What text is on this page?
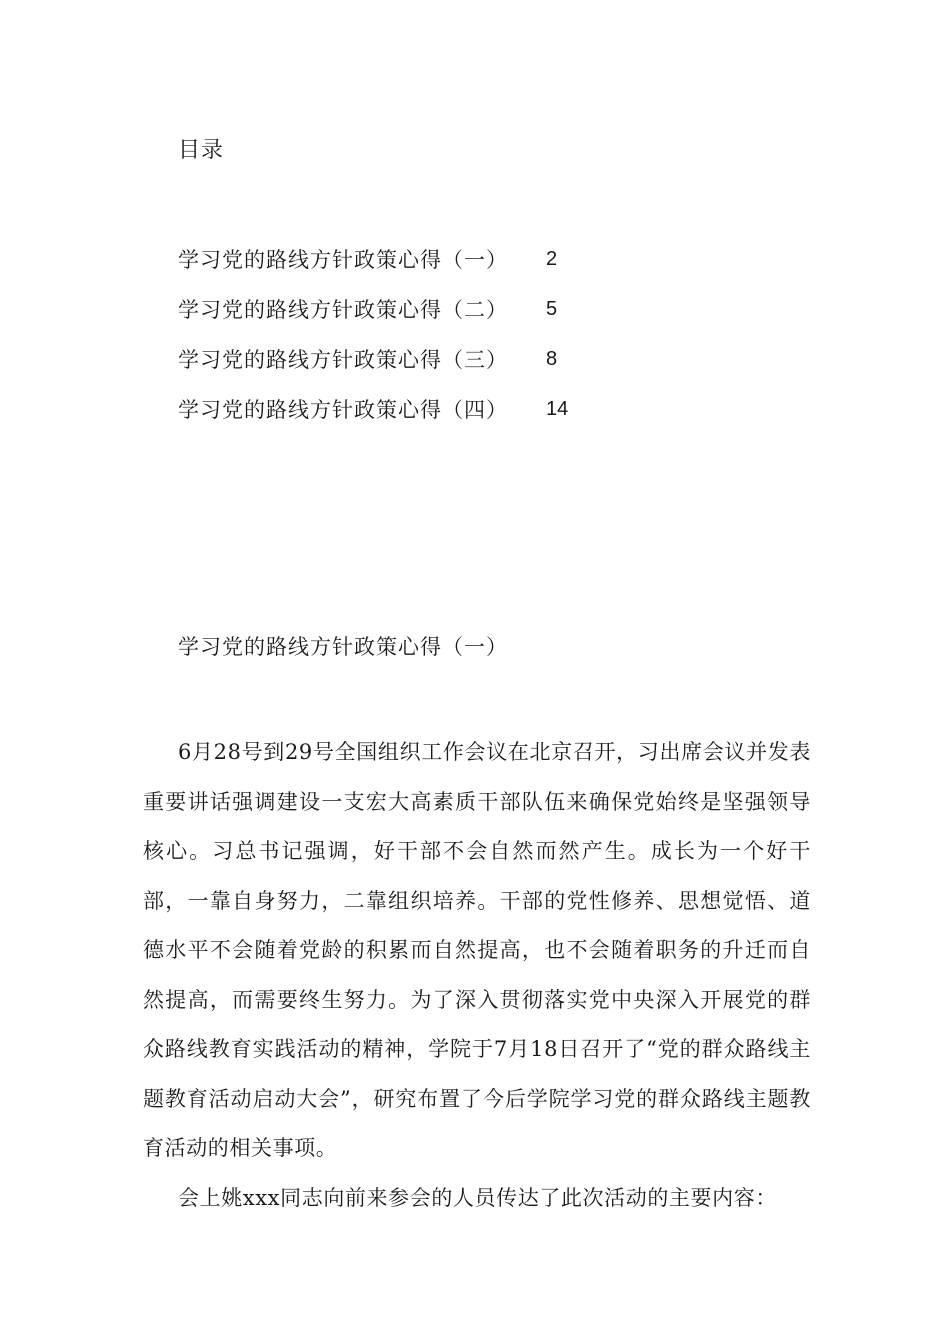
目录
学习党的路线方针政策心得（一）	2
学习党的路线方针政策心得（二）	5
学习党的路线方针政策心得（三）	8
学习党的路线方针政策心得（四）	14
学习党的路线方针政策心得（一）

6月28号到29号全国组织工作会议在北京召开，习出席会议并发表重要讲话强调建设一支宏大高素质干部队伍来确保党始终是坚强领导核心。习总书记强调，好干部不会自然而然产生。成长为一个好干部，一靠自身努力，二靠组织培养。干部的党性修养、思想觉悟、道德水平不会随着党龄的积累而自然提高，也不会随着职务的升迁而自然提高，而需要终生努力。为了深入贯彻落实党中央深入开展党的群众路线教育实践活动的精神，学院于7月18日召开了“党的群众路线主题教育活动启动大会”，研究布置了今后学院学习党的群众路线主题教育活动的相关事项。

会上姚xxx同志向前来参会的人员传达了此次活动的主要内容：
